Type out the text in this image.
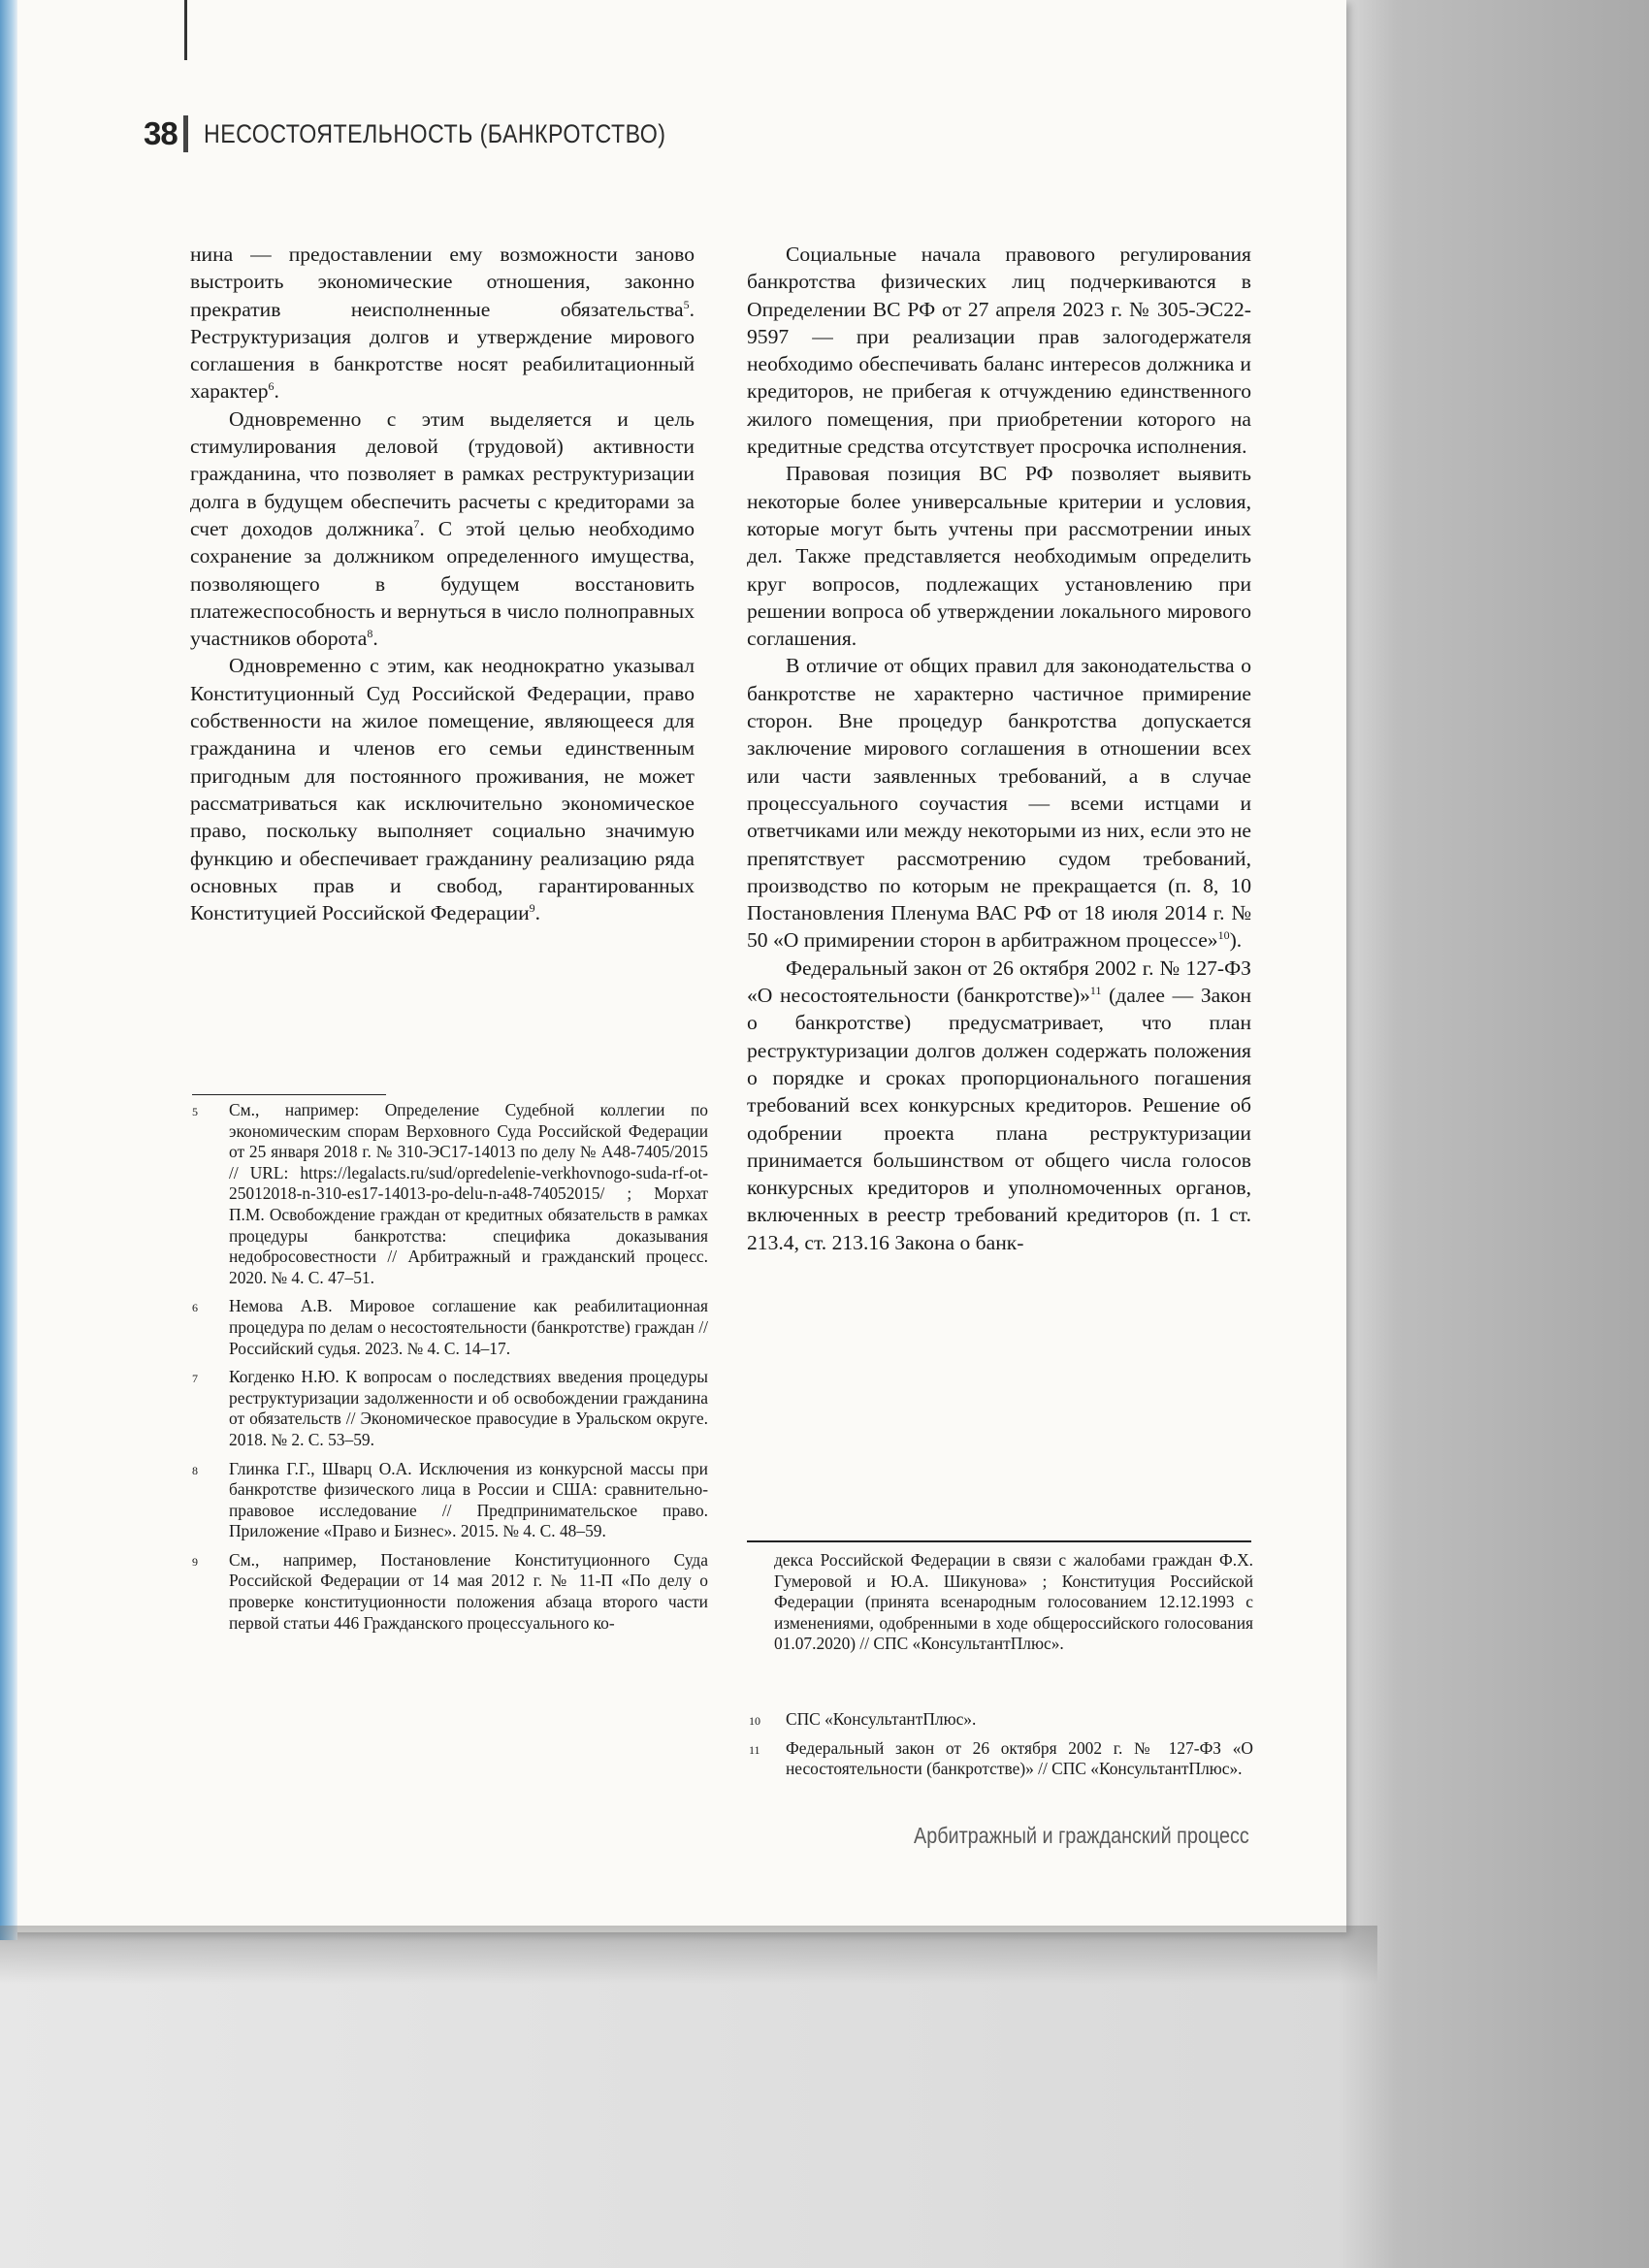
38 НЕСОСТОЯТЕЛЬНОСТЬ (БАНКРОТСТВО)

нина — предоставлении ему возможности заново выстроить экономические отношения, законно прекратив неисполненные обязательства$^5$. Реструктуризация долгов и утверждение мирового соглашения в банкротстве носят реабилитационный характер$^6$.

Одновременно с этим выделяется и цель стимулирования деловой (трудовой) активности гражданина, что позволяет в рамках реструктуризации долга в будущем обеспечить расчеты с кредиторами за счет доходов должника$^7$. С этой целью необходимо сохранение за должником определенного имущества, позволяющего в будущем восстановить платежеспособность и вернуться в число полноправных участников оборота$^8$.

Одновременно с этим, как неоднократно указывал Конституционный Суд Российской Федерации, право собственности на жилое помещение, являющееся для гражданина и членов его семьи единственным пригодным для постоянного проживания, не может рассматриваться как исключительно экономическое право, поскольку выполняет социально значимую функцию и обеспечивает гражданину реализацию ряда основных прав и свобод, гарантированных Конституцией Российской Федерации$^9$.

Социальные начала правового регулирования банкротства физических лиц подчеркиваются в Определении ВС РФ от 27 апреля 2023 г. № 305-ЭС22-9597 — при реализации прав залогодержателя необходимо обеспечивать баланс интересов должника и кредиторов, не прибегая к отчуждению единственного жилого помещения, при приобретении которого на кредитные средства отсутствует просрочка исполнения.

Правовая позиция ВС РФ позволяет выявить некоторые более универсальные критерии и условия, которые могут быть учтены при рассмотрении иных дел. Также представляется необходимым определить круг вопросов, подлежащих установлению при решении вопроса об утверждении локального мирового соглашения.

В отличие от общих правил для законодательства о банкротстве не характерно частичное примирение сторон. Вне процедур банкротства допускается заключение мирового соглашения в отношении всех или части заявленных требований, а в случае процессуального соучастия — всеми истцами и ответчиками или между некоторыми из них, если это не препятствует рассмотрению судом требований, производство по которым не прекращается (п. 8, 10 Постановления Пленума ВАС РФ от 18 июля 2014 г. № 50 «О примирении сторон в арбитражном процессе»$^{10}$).

Федеральный закон от 26 октября 2002 г. № 127-ФЗ «О несостоятельности (банкротстве)»$^{11}$ (далее — Закон о банкротстве) предусматривает, что план реструктуризации долгов должен содержать положения о порядке и сроках пропорционального погашения требований всех конкурсных кредиторов. Решение об одобрении проекта плана реструктуризации принимается большинством от общего числа голосов конкурсных кредиторов и уполномоченных органов, включенных в реестр требований кредиторов (п. 1 ст. 213.4, ст. 213.16 Закона о банк-

5 См., например: Определение Судебной коллегии по экономическим спорам Верховного Суда Российской Федерации от 25 января 2018 г. № 310-ЭС17-14013 по делу № А48-7405/2015 // URL: https://legalacts.ru/sud/opredelenie-verkhovnogo-suda-rf-ot-25012018-n-310-es17-14013-po-delu-n-a48-74052015/ ; Морхат П.М. Освобождение граждан от кредитных обязательств в рамках процедуры банкротства: специфика доказывания недобросовестности // Арбитражный и гражданский процесс. 2020. № 4. С. 47–51.
6 Немова А.В. Мировое соглашение как реабилитационная процедура по делам о несостоятельности (банкротстве) граждан // Российский судья. 2023. № 4. С. 14–17.
7 Когденко Н.Ю. К вопросам о последствиях введения процедуры реструктуризации задолженности и об освобождении гражданина от обязательств // Экономическое правосудие в Уральском округе. 2018. № 2. С. 53–59.
8 Глинка Г.Г., Шварц О.А. Исключения из конкурсной массы при банкротстве физического лица в России и США: сравнительно-правовое исследование // Предпринимательское право. Приложение «Право и Бизнес». 2015. № 4. С. 48–59.
9 См., например, Постановление Конституционного Суда Российской Федерации от 14 мая 2012 г. № 11-П «По делу о проверке конституционности положения абзаца второго части первой статьи 446 Гражданского процессуального ко-
декса Российской Федерации в связи с жалобами граждан Ф.Х. Гумеровой и Ю.А. Шикунова» ; Конституция Российской Федерации (принята всенародным голосованием 12.12.1993 с изменениями, одобренными в ходе общероссийского голосования 01.07.2020) // СПС «КонсультантПлюс».
10 СПС «КонсультантПлюс».
11 Федеральный закон от 26 октября 2002 г. № 127-ФЗ «О несостоятельности (банкротстве)» // СПС «КонсультантПлюс».
Арбитражный и гражданский процесс
